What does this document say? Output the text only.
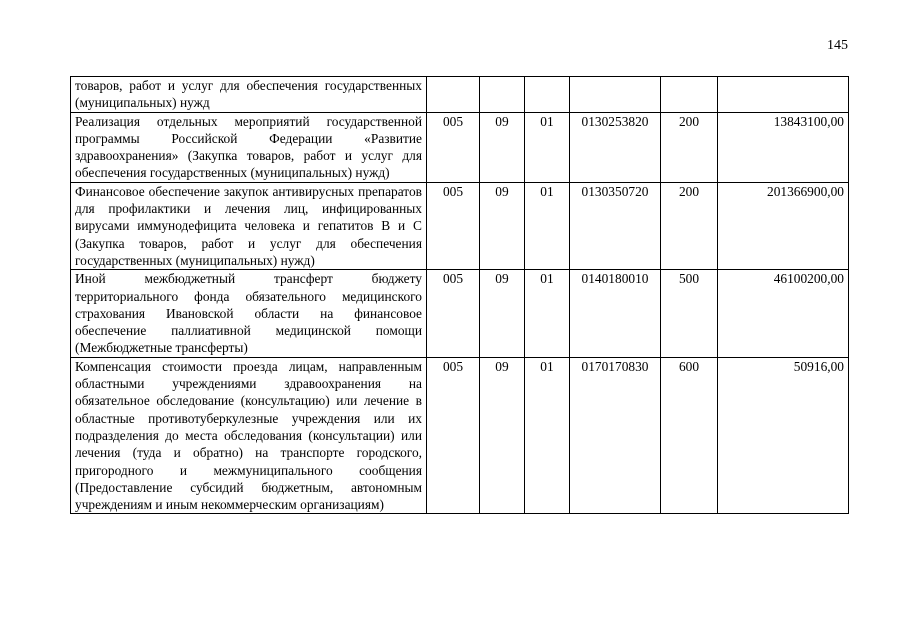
145
товаров, работ и услуг для обеспечения государственных (муниципальных) нужд						
Реализация отдельных мероприятий государственной программы Российской Федерации «Развитие здравоохранения» (Закупка товаров, работ и услуг для обеспечения государственных (муниципальных) нужд)	005	09	01	0130253820	200	13843100,00
Финансовое обеспечение закупок антивирусных препаратов для профилактики и лечения лиц, инфицированных вирусами иммунодефицита человека и гепатитов B и C (Закупка товаров, работ и услуг для обеспечения государственных (муниципальных) нужд)	005	09	01	0130350720	200	201366900,00
Иной межбюджетный трансферт бюджету территориального фонда обязательного медицинского страхования Ивановской области на финансовое обеспечение паллиативной медицинской помощи (Межбюджетные трансферты)	005	09	01	0140180010	500	46100200,00
Компенсация стоимости проезда лицам, направленным областными учреждениями здравоохранения на обязательное обследование (консультацию) или лечение в областные противотуберкулезные учреждения или их подразделения до места обследования (консультации) или лечения (туда и обратно) на транспорте городского, пригородного и межмуниципального сообщения (Предоставление субсидий бюджетным, автономным учреждениям и иным некоммерческим организациям)	005	09	01	0170170830	600	50916,00
